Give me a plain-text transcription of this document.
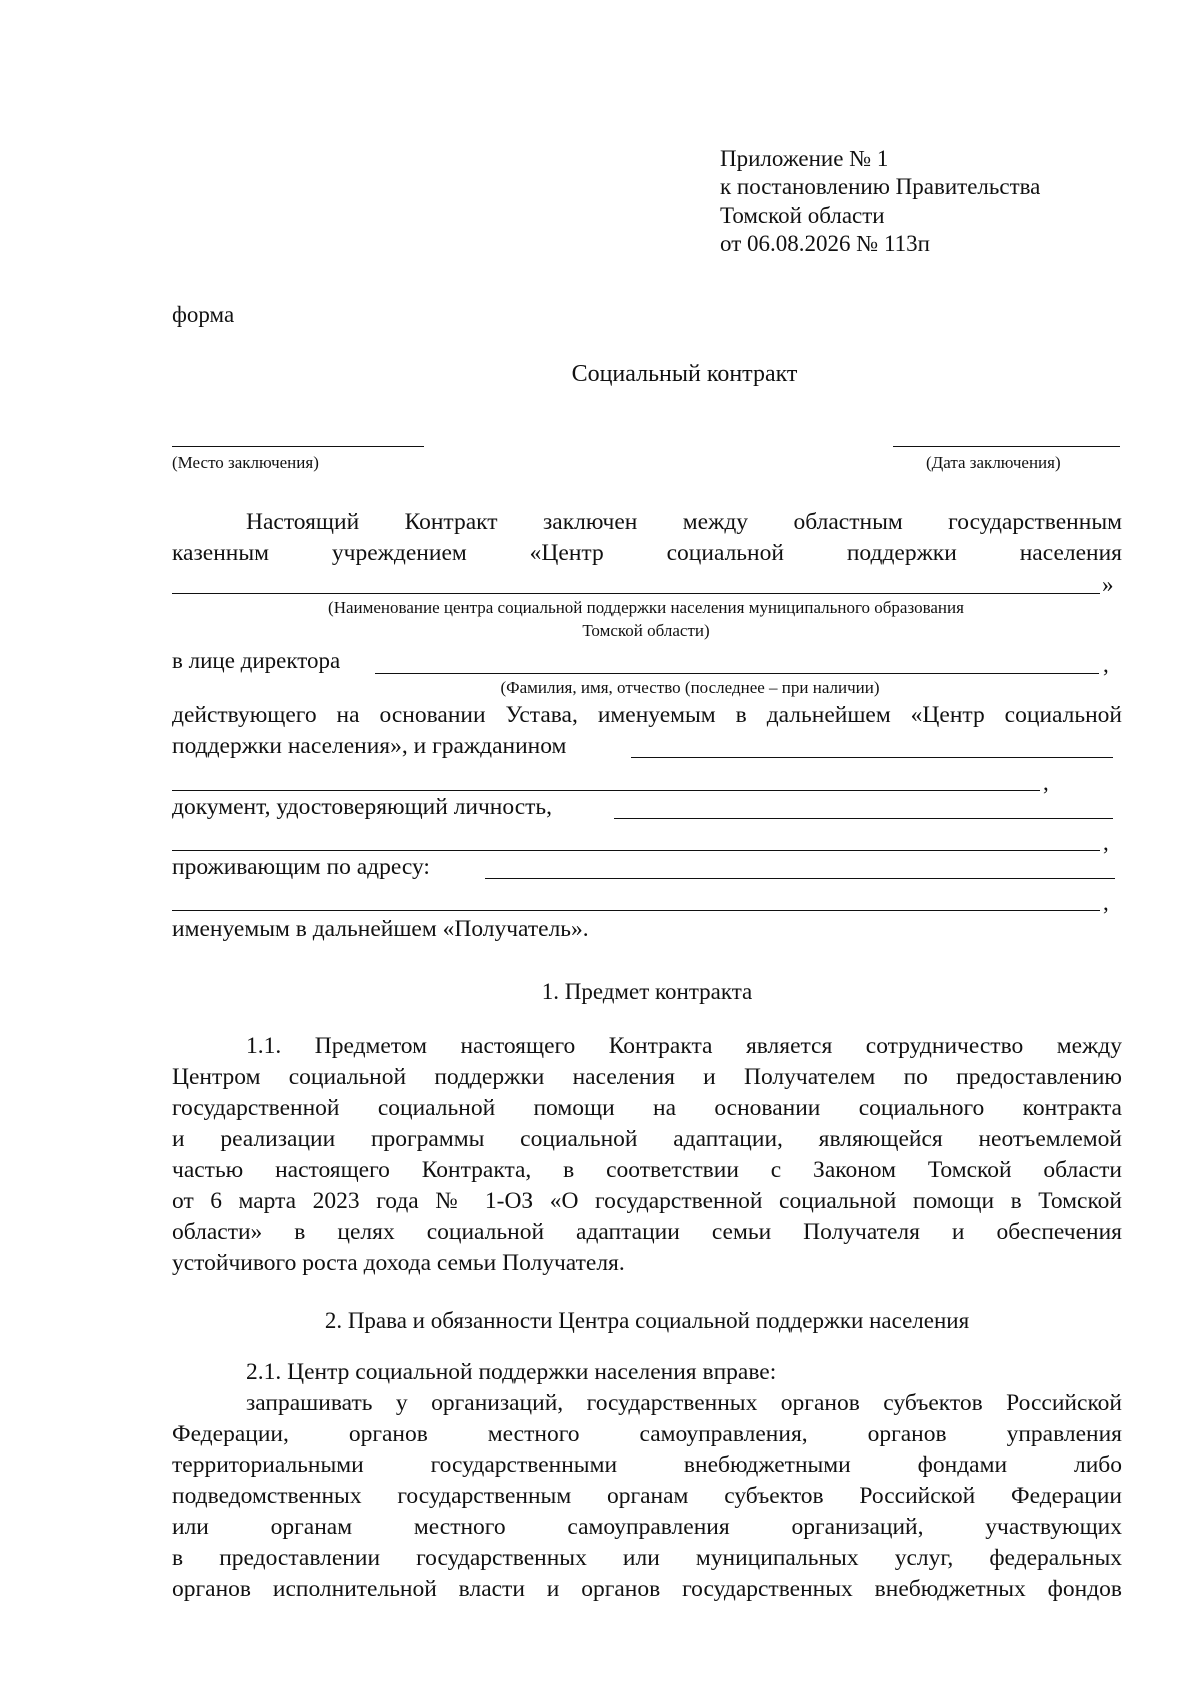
Приложение № 1
к постановлению Правительства
Томской области
от 06.08.2026 № 113п
форма
Социальный контракт
(Место заключения)	(Дата заключения)
Настоящий Контракт заключен между областным государственным
казенным учреждением «Центр социальной поддержки населения
»
(Наименование центра социальной поддержки населения муниципального образования
Томской области)
в лице директора	,
(Фамилия, имя, отчество (последнее – при наличии)
действующего на основании Устава, именуемым в дальнейшем «Центр социальной
поддержки населения», и гражданином
,
документ, удостоверяющий личность,
,
проживающим по адресу:
,
именуемым в дальнейшем «Получатель».
1. Предмет контракта
1.1. Предметом настоящего Контракта является сотрудничество между
Центром социальной поддержки населения и Получателем по предоставлению
государственной социальной помощи на основании социального контракта
и реализации программы социальной адаптации, являющейся неотъемлемой
частью настоящего Контракта, в соответствии с Законом Томской области
от 6 марта 2023 года № 1-ОЗ «О государственной социальной помощи в Томской
области» в целях социальной адаптации семьи Получателя и обеспечения
устойчивого роста дохода семьи Получателя.
2. Права и обязанности Центра социальной поддержки населения
2.1. Центр социальной поддержки населения вправе:
запрашивать у организаций, государственных органов субъектов Российской
Федерации, органов местного самоуправления, органов управления
территориальными государственными внебюджетными фондами либо
подведомственных государственным органам субъектов Российской Федерации
или органам местного самоуправления организаций, участвующих
в предоставлении государственных или муниципальных услуг, федеральных
органов исполнительной власти и органов государственных внебюджетных фондов
